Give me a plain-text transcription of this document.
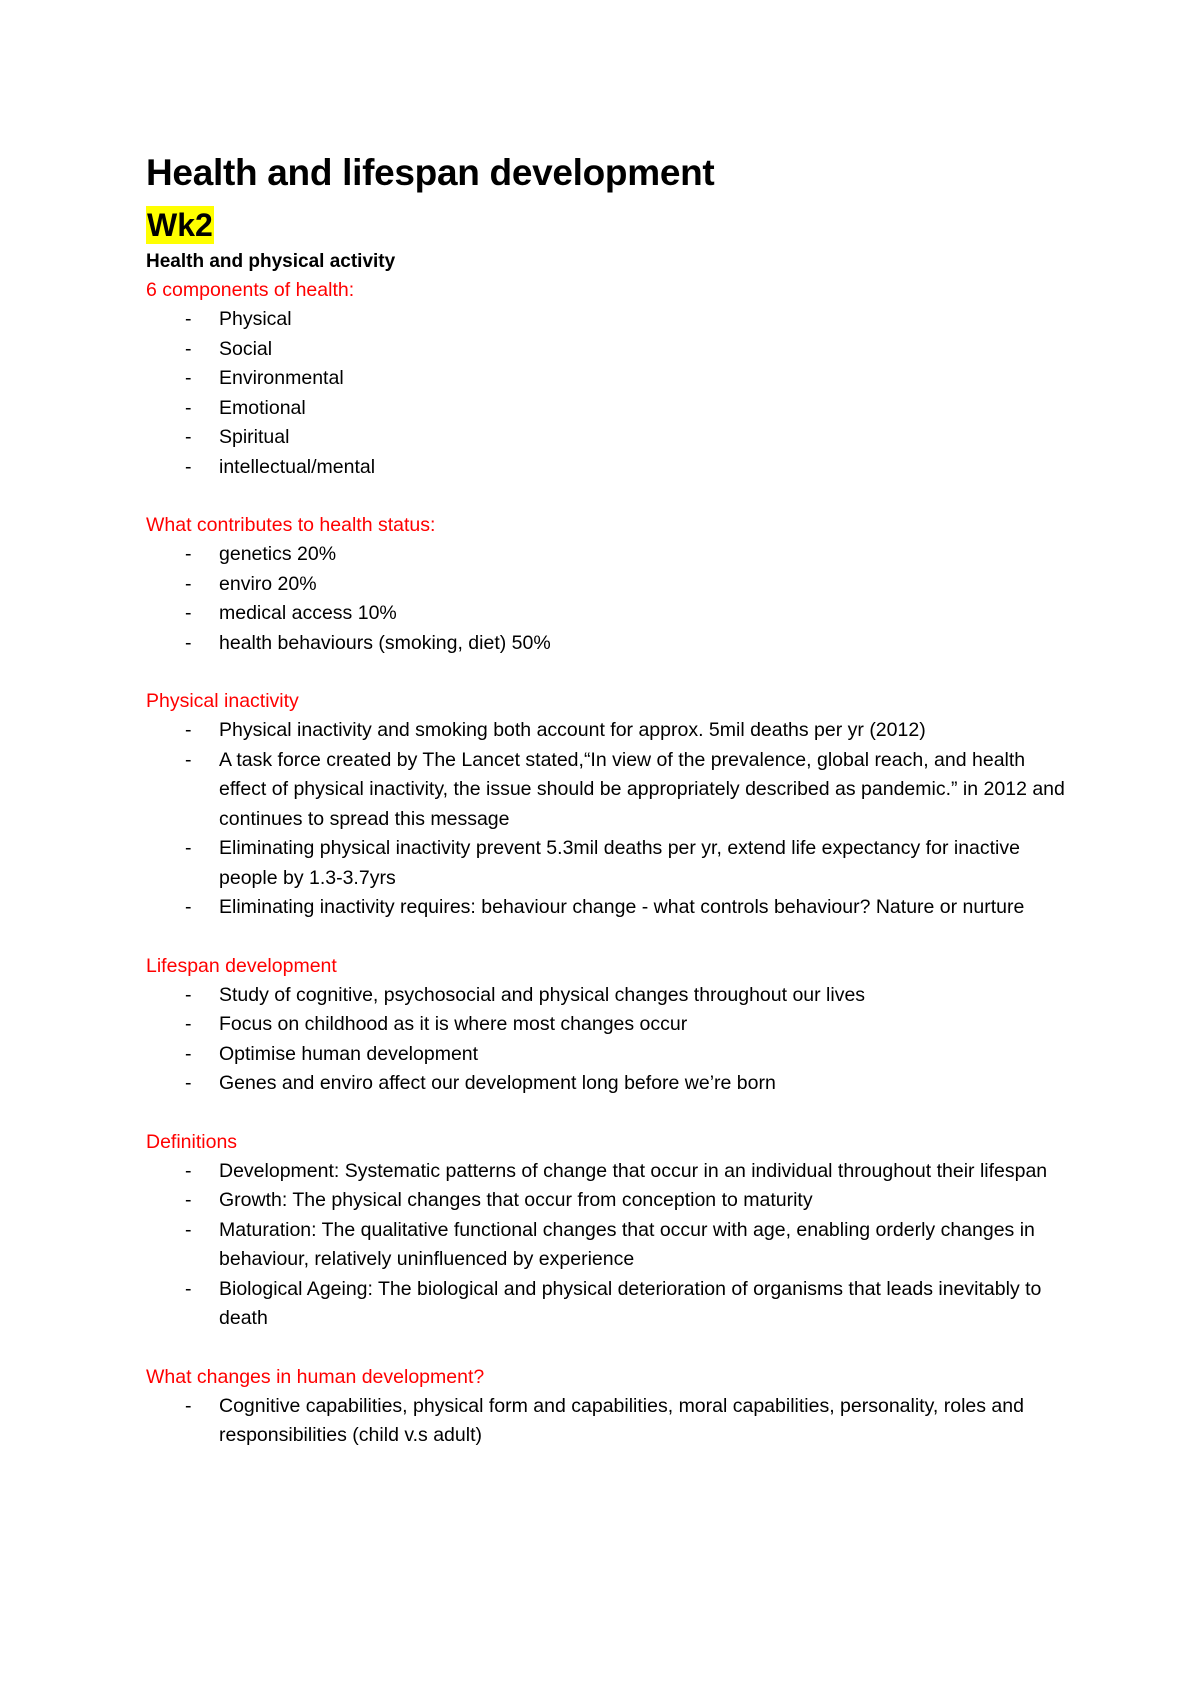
Health and lifespan development
Wk2
Health and physical activity

6 components of health:

- Physical
- Social
- Environmental
- Emotional
- Spiritual
- intellectual/mental

What contributes to health status:

- genetics 20%
- enviro 20%
- medical access 10%
- health behaviours (smoking, diet) 50%

Physical inactivity

- Physical inactivity and smoking both account for approx. 5mil deaths per yr (2012)
- A task force created by The Lancet stated,“In view of the prevalence, global reach, and health effect of physical inactivity, the issue should be appropriately described as pandemic.” in 2012 and continues to spread this message
- Eliminating physical inactivity prevent 5.3mil deaths per yr, extend life expectancy for inactive people by 1.3-3.7yrs
- Eliminating inactivity requires: behaviour change - what controls behaviour? Nature or nurture

Lifespan development

- Study of cognitive, psychosocial and physical changes throughout our lives
- Focus on childhood as it is where most changes occur
- Optimise human development
- Genes and enviro affect our development long before we’re born

Definitions

- Development: Systematic patterns of change that occur in an individual throughout their lifespan
- Growth: The physical changes that occur from conception to maturity
- Maturation: The qualitative functional changes that occur with age, enabling orderly changes in behaviour, relatively uninfluenced by experience
- Biological Ageing: The biological and physical deterioration of organisms that leads inevitably to death

What changes in human development?

- Cognitive capabilities, physical form and capabilities, moral capabilities, personality, roles and responsibilities (child v.s adult)
